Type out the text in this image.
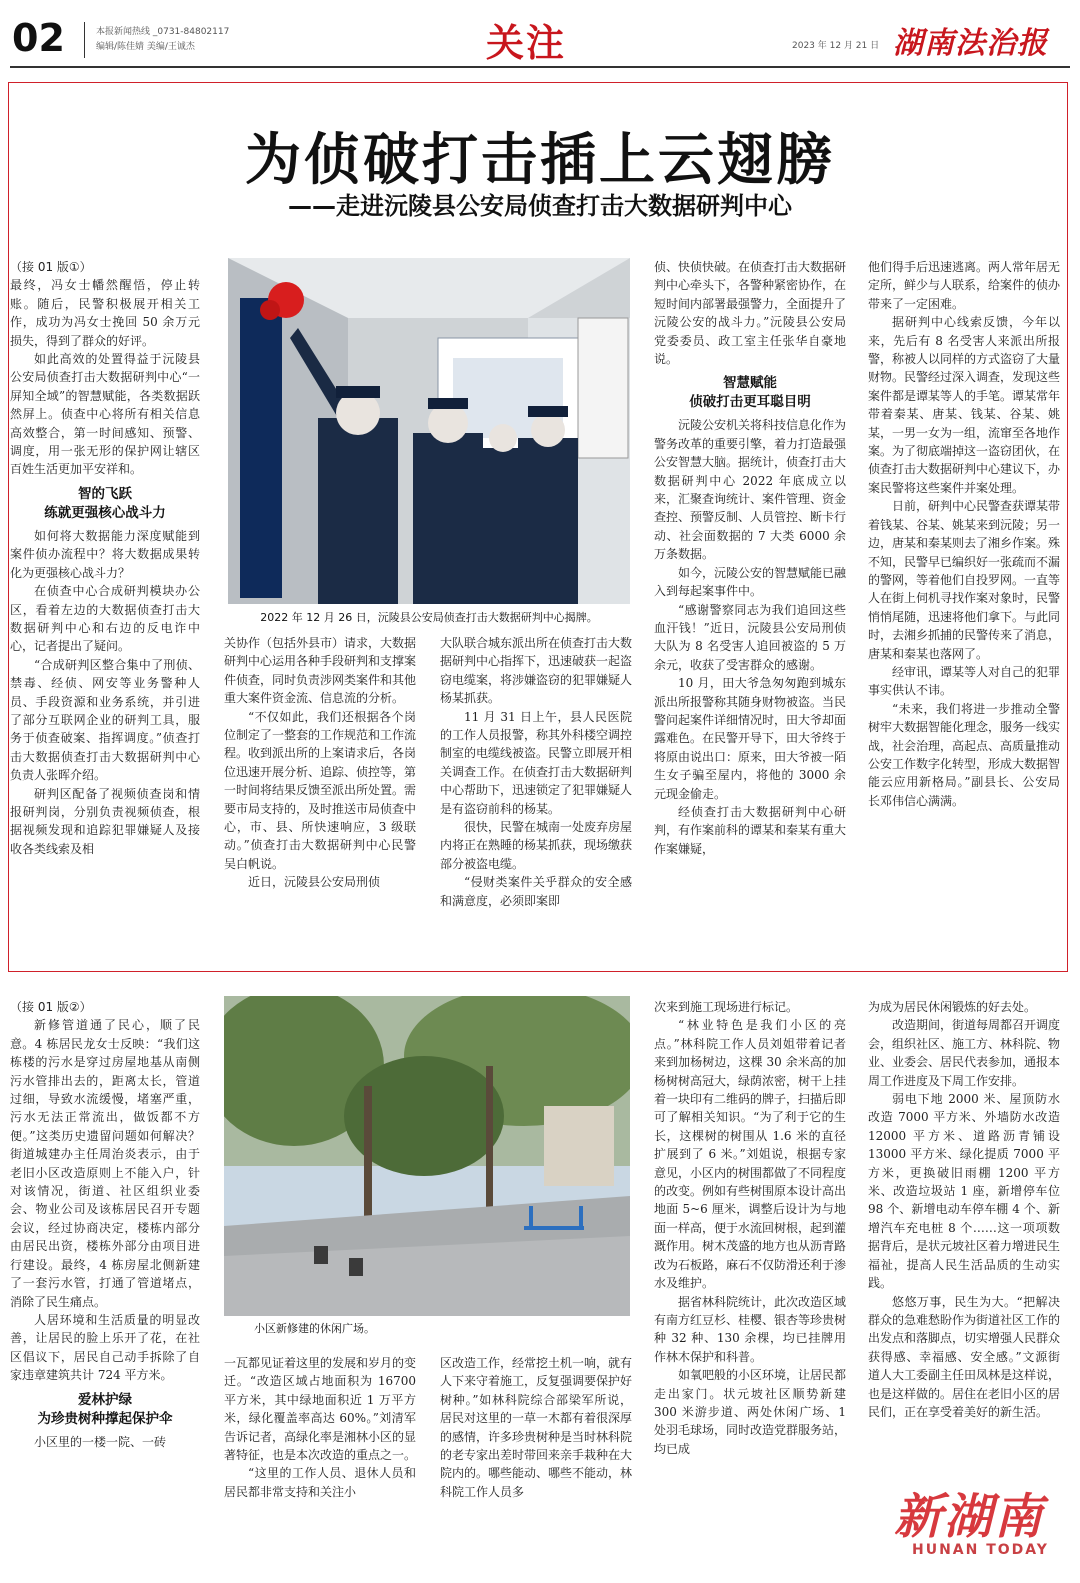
02	本报新闻热线 _0731-84802117
编辑/陈佳婧 美编/王诚杰	关注	2023 年 12 月 21 日 湖南法治报
为侦破打击插上云翅膀
——走进沅陵县公安局侦查打击大数据研判中心
2022 年 12 月 26 日，沅陵县公安局侦查打击大数据研判中心揭牌。

（接 01 版①）

最终，冯女士幡然醒悟，停止转账。随后，民警积极展开相关工作，成功为冯女士挽回 50 余万元损失，得到了群众的好评。

如此高效的处置得益于沅陵县公安局侦查打击大数据研判中心“一屏知全域”的智慧赋能，各类数据跃然屏上。侦查中心将所有相关信息高效整合，第一时间感知、预警、调度，用一张无形的保护网让辖区百姓生活更加平安祥和。

智的飞跃
练就更强核心战斗力

如何将大数据能力深度赋能到案件侦办流程中？将大数据成果转化为更强核心战斗力？

在侦查中心合成研判模块办公区，看着左边的大数据侦查打击大数据研判中心和右边的反电诈中心，记者提出了疑问。

“合成研判区整合集中了刑侦、禁毒、经侦、网安等业务警种人员、手段资源和业务系统，并引进了部分互联网企业的研判工具，服务于侦查破案、指挥调度。”侦查打击大数据侦查打击大数据研判中心负责人张晖介绍。

研判区配备了视频侦查岗和情报研判岗，分别负责视频侦查，根据视频发现和追踪犯罪嫌疑人及接收各类线索及相

关协作（包括外县市）请求，大数据研判中心运用各种手段研判和支撑案件侦查，同时负责涉网类案件和其他重大案件资金流、信息流的分析。

“不仅如此，我们还根据各个岗位制定了一整套的工作规范和工作流程。收到派出所的上案请求后，各岗位迅速开展分析、追踪、侦控等，第一时间将结果反馈至派出所处置。需要市局支持的，及时推送市局侦查中心，市、县、所快速响应，3 级联动。”侦查打击大数据研判中心民警吴白帆说。

近日，沅陵县公安局刑侦

大队联合城东派出所在侦查打击大数据研判中心指挥下，迅速破获一起盗窃电缆案，将涉嫌盗窃的犯罪嫌疑人杨某抓获。

11 月 31 日上午，县人民医院的工作人员报警，称其外科楼空调控制室的电缆线被盗。民警立即展开相关调查工作。在侦查打击大数据研判中心帮助下，迅速锁定了犯罪嫌疑人是有盗窃前科的杨某。

很快，民警在城南一处废弃房屋内将正在熟睡的杨某抓获，现场缴获部分被盗电缆。

“侵财类案件关乎群众的安全感和满意度，必须即案即

侦、快侦快破。在侦查打击大数据研判中心牵头下，各警种紧密协作，在短时间内部署最强警力，全面提升了沅陵公安的战斗力。”沅陵县公安局党委委员、政工室主任张华自豪地说。

智慧赋能
侦破打击更耳聪目明

沅陵公安机关将科技信息化作为警务改革的重要引擎，着力打造最强公安智慧大脑。据统计，侦查打击大数据研判中心 2022 年底成立以来，汇聚查询统计、案件管理、资金查控、预警反制、人员管控、断卡行动、社会面数据的 7 大类 6000 余万条数据。

如今，沅陵公安的智慧赋能已融入到每起案事件中。

“感谢警察同志为我们追回这些血汗钱！”近日，沅陵县公安局刑侦大队为 8 名受害人追回被盗的 5 万余元，收获了受害群众的感谢。

10 月，田大爷急匆匆跑到城东派出所报警称其随身财物被盗。当民警问起案件详细情况时，田大爷却面露难色。在民警开导下，田大爷终于将原由说出口：原来，田大爷被一陌生女子骗至屋内，将他的 3000 余元现金偷走。

经侦查打击大数据研判中心研判，有作案前科的谭某和秦某有重大作案嫌疑，

他们得手后迅速逃离。两人常年居无定所，鲜少与人联系，给案件的侦办带来了一定困难。

据研判中心线索反馈，今年以来，先后有 8 名受害人来派出所报警，称被人以同样的方式盗窃了大量财物。民警经过深入调查，发现这些案件都是谭某等人的手笔。谭某常年带着秦某、唐某、钱某、谷某、姚某，一男一女为一组，流窜至各地作案。为了彻底端掉这一盗窃团伙，在侦查打击大数据研判中心建议下，办案民警将这些案件并案处理。

日前，研判中心民警查获谭某带着钱某、谷某、姚某来到沅陵；另一边，唐某和秦某则去了湘乡作案。殊不知，民警早已编织好一张疏而不漏的警网，等着他们自投罗网。一直等人在街上伺机寻找作案对象时，民警悄悄尾随，迅速将他们拿下。与此同时，去湘乡抓捕的民警传来了消息，唐某和秦某也落网了。

经审讯，谭某等人对自己的犯罪事实供认不讳。

“未来，我们将进一步推动全警树牢大数据智能化理念，服务一线实战，社会治理，高起点、高质量推动公安工作数字化转型，形成大数据智能云应用新格局。”副县长、公安局长邓伟信心满满。

（接 01 版②）

新修管道通了民心，顺了民意。4 栋居民龙女士反映：“我们这栋楼的污水是穿过房屋地基从南侧污水管排出去的，距离太长，管道过细，导致水流缓慢，堵塞严重，污水无法正常流出，做饭都不方便。”这类历史遗留问题如何解决？街道城建办主任周治炎表示，由于老旧小区改造原则上不能入户，针对该情况，街道、社区组织业委会、物业公司及该栋居民召开专题会议，经过协商决定，楼栋内部分由居民出资，楼栋外部分由项目进行建设。最终，4 栋房屋北侧新建了一套污水管，打通了管道堵点，消除了民生痛点。

人居环境和生活质量的明显改善，让居民的脸上乐开了花，在社区倡议下，居民自己动手拆除了自家违章建筑共计 724 平方米。

爱林护绿
为珍贵树种撑起保护伞

小区里的一楼一院、一砖

小区新修建的休闲广场。

一瓦都见证着这里的发展和岁月的变迁。“改造区域占地面积为 16700 平方米，其中绿地面积近 1 万平方米，绿化覆盖率高达 60%。”刘清军告诉记者，高绿化率是湘林小区的显著特征，也是本次改造的重点之一。

“这里的工作人员、退休人员和居民都非常支持和关注小

区改造工作，经常挖土机一响，就有人下来守着施工，反复强调要保护好树种。”如林科院综合部梁军所说，居民对这里的一草一木都有着很深厚的感情，许多珍贵树种是当时林科院的老专家出差时带回来亲手栽种在大院内的。哪些能动、哪些不能动，林科院工作人员多

次来到施工现场进行标记。

“林业特色是我们小区的亮点。”林科院工作人员刘姐带着记者来到加杨树边，这棵 30 余米高的加杨树树高冠大，绿荫浓密，树干上挂着一块印有二维码的牌子，扫描后即可了解相关知识。“为了利于它的生长，这棵树的树围从 1.6 米的直径扩展到了 6 米。”刘姐说，根据专家意见，小区内的树围都做了不同程度的改变。例如有些树围原本设计高出地面 5~6 厘米，调整后设计为与地面一样高，便于水流回树根，起到灌溉作用。树木茂盛的地方也从沥青路改为石板路，麻石不仅防滑还利于渗水及维护。

据省林科院统计，此次改造区域有南方红豆杉、桂樱、银杏等珍贵树种 32 种、130 余棵，均已挂牌用作林木保护和科普。

如氧吧般的小区环境，让居民都走出家门。状元坡社区顺势新建 300 米游步道、两处休闲广场、1 处羽毛球场，同时改造党群服务站，均已成

为成为居民休闲锻炼的好去处。

改造期间，街道每周都召开调度会，组织社区、施工方、林科院、物业、业委会、居民代表参加，通报本周工作进度及下周工作安排。

弱电下地 2000 米、屋顶防水改造 7000 平方米、外墙防水改造 12000 平方米、道路沥青铺设 13000 平方米、绿化提质 7000 平方米，更换破旧雨棚 1200 平方米、改造垃圾站 1 座，新增停车位 98 个、新增电动车停车棚 4 个、新增汽车充电桩 8 个……这一项项数据背后，是状元坡社区着力增进民生福祉，提高人民生活品质的生动实践。

悠悠万事，民生为大。“把解决群众的急难愁盼作为街道社区工作的出发点和落脚点，切实增强人民群众获得感、幸福感、安全感。”文源街道人大工委副主任田凤林是这样说，也是这样做的。居住在老旧小区的居民们，正在享受着美好的新生活。

新湖南
HUNAN TODAY
